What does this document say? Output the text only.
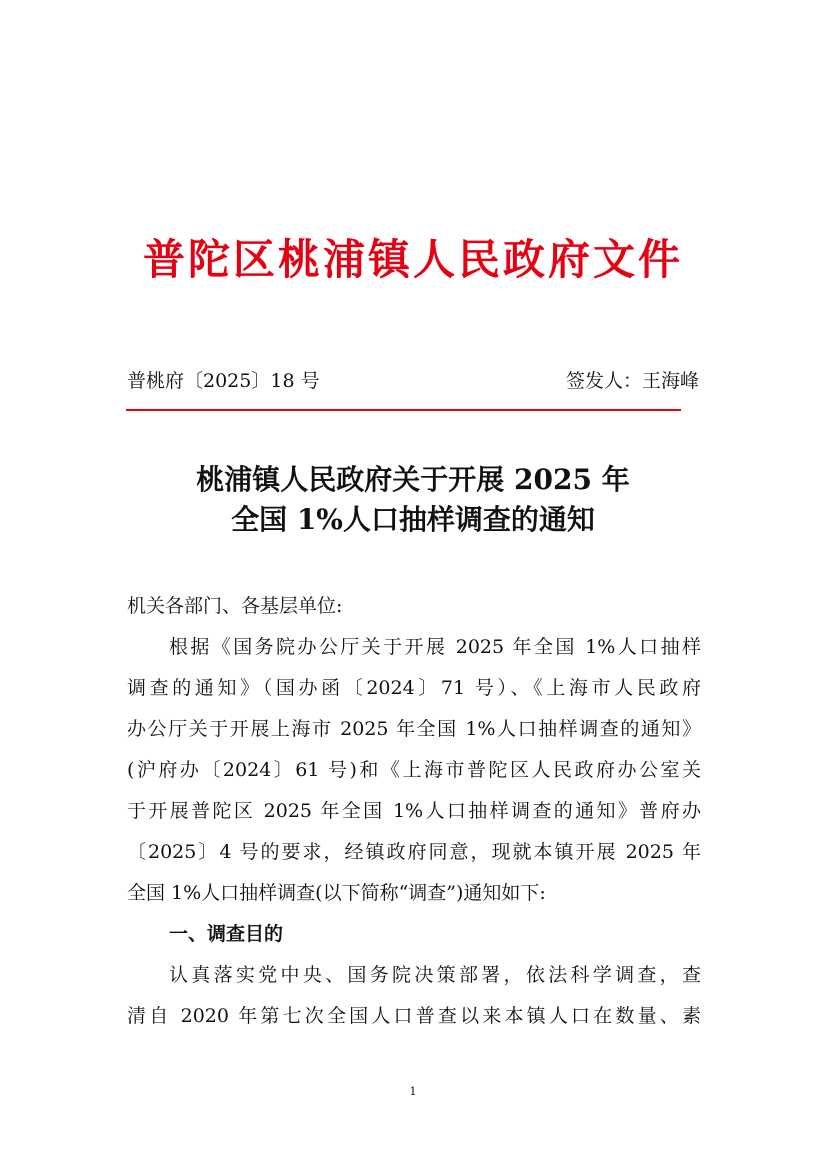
普陀区桃浦镇人民政府文件
普桃府〔2025〕18 号	签发人：王海峰
桃浦镇人民政府关于开展 2025 年
全国 1%人口抽样调查的通知
机关各部门、各基层单位:
根据《国务院办公厅关于开展 2025 年全国 1%人口抽样
调查的通知》（国办函〔2024〕71 号）、《上海市人民政府
办公厅关于开展上海市 2025 年全国 1%人口抽样调查的通知》
(沪府办〔2024〕61 号)和《上海市普陀区人民政府办公室关
于开展普陀区 2025 年全国 1%人口抽样调查的通知》普府办
〔2025〕4 号的要求，经镇政府同意，现就本镇开展 2025 年
全国 1%人口抽样调查(以下简称“调查”)通知如下:
一、调查目的
认真落实党中央、国务院决策部署，依法科学调查，查
清自 2020 年第七次全国人口普查以来本镇人口在数量、素
1
